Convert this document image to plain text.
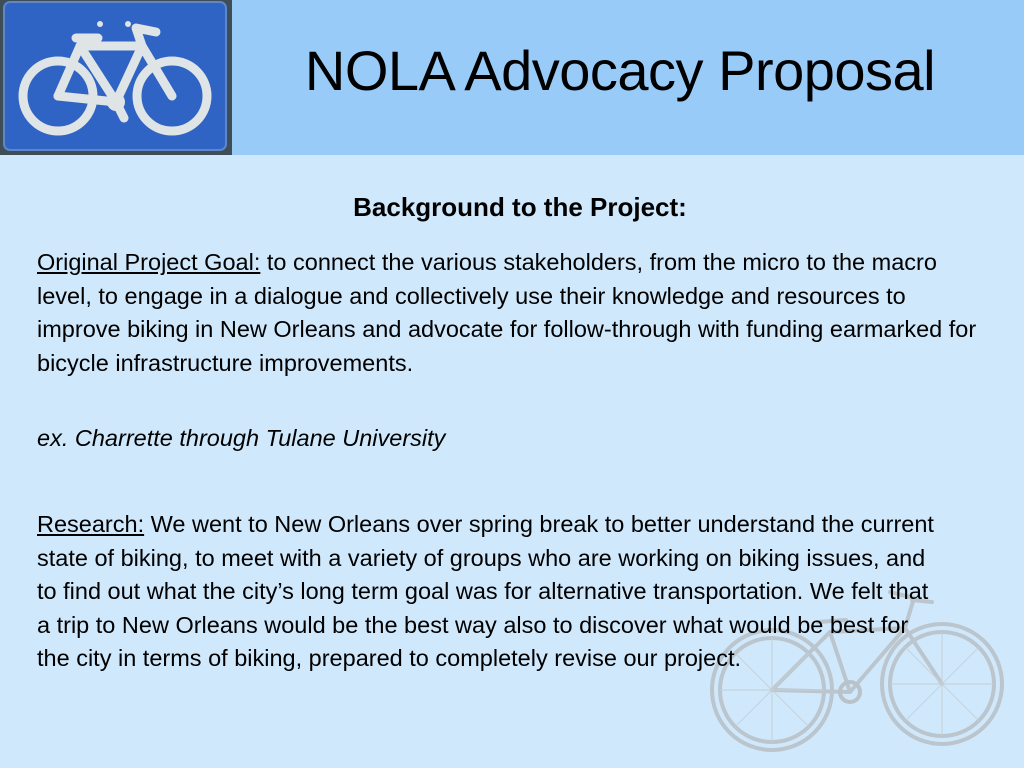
NOLA Advocacy Proposal
Background to the Project:
Original Project Goal: to connect the various stakeholders, from the micro to the macro level, to engage in a dialogue and collectively use their knowledge and resources to improve biking in New Orleans and advocate for follow-through with funding earmarked for bicycle infrastructure improvements.
ex. Charrette through Tulane University
Research: We went to New Orleans over spring break to better understand the current state of biking, to meet with a variety of groups who are working on biking issues, and to find out what the city’s long term goal was for alternative transportation. We felt that a trip to New Orleans would be the best way also to discover what would be best for the city in terms of biking, prepared to completely revise our project.
